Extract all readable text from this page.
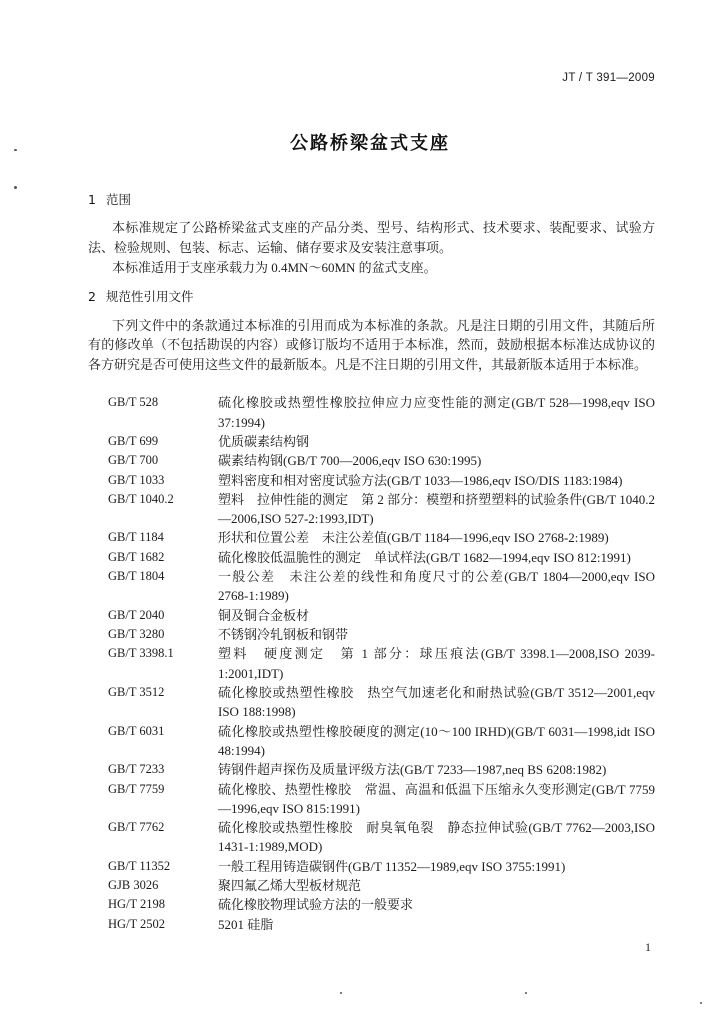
JT / T 391—2009
公路桥梁盆式支座
1 范围

本标准规定了公路桥梁盆式支座的产品分类、型号、结构形式、技术要求、装配要求、试验方法、检验规则、包装、标志、运输、储存要求及安装注意事项。

本标准适用于支座承载力为 0.4MN～60MN 的盆式支座。

2 规范性引用文件

下列文件中的条款通过本标准的引用而成为本标准的条款。凡是注日期的引用文件，其随后所有的修改单（不包括勘误的内容）或修订版均不适用于本标准，然而，鼓励根据本标准达成协议的各方研究是否可使用这些文件的最新版本。凡是不注日期的引用文件，其最新版本适用于本标准。

GB/T 528	硫化橡胶或热塑性橡胶拉伸应力应变性能的测定(GB/T 528—1998,eqv ISO 37:1994)
GB/T 699	优质碳素结构钢
GB/T 700	碳素结构钢(GB/T 700—2006,eqv ISO 630:1995)
GB/T 1033	塑料密度和相对密度试验方法(GB/T 1033—1986,eqv ISO/DIS 1183:1984)
GB/T 1040.2	塑料　拉伸性能的测定　第 2 部分：模塑和挤塑塑料的试验条件(GB/T 1040.2—2006,ISO 527-2:1993,IDT)
GB/T 1184	形状和位置公差　未注公差值(GB/T 1184—1996,eqv ISO 2768-2:1989)
GB/T 1682	硫化橡胶低温脆性的测定　单试样法(GB/T 1682—1994,eqv ISO 812:1991)
GB/T 1804	一般公差　未注公差的线性和角度尺寸的公差(GB/T 1804—2000,eqv ISO 2768-1:1989)
GB/T 2040	铜及铜合金板材
GB/T 3280	不锈钢冷轧钢板和钢带
GB/T 3398.1	塑料　硬度测定　第 1 部分：球压痕法(GB/T 3398.1—2008,ISO 2039-1:2001,IDT)
GB/T 3512	硫化橡胶或热塑性橡胶　热空气加速老化和耐热试验(GB/T 3512—2001,eqv ISO 188:1998)
GB/T 6031	硫化橡胶或热塑性橡胶硬度的测定(10～100 IRHD)(GB/T 6031—1998,idt ISO 48:1994)
GB/T 7233	铸钢件超声探伤及质量评级方法(GB/T 7233—1987,neq BS 6208:1982)
GB/T 7759	硫化橡胶、热塑性橡胶　常温、高温和低温下压缩永久变形测定(GB/T 7759—1996,eqv ISO 815:1991)
GB/T 7762	硫化橡胶或热塑性橡胶　耐臭氧龟裂　静态拉伸试验(GB/T 7762—2003,ISO 1431-1:1989,MOD)
GB/T 11352	一般工程用铸造碳钢件(GB/T 11352—1989,eqv ISO 3755:1991)
GJB 3026	聚四氟乙烯大型板材规范
HG/T 2198	硫化橡胶物理试验方法的一般要求
HG/T 2502	5201 硅脂
1
